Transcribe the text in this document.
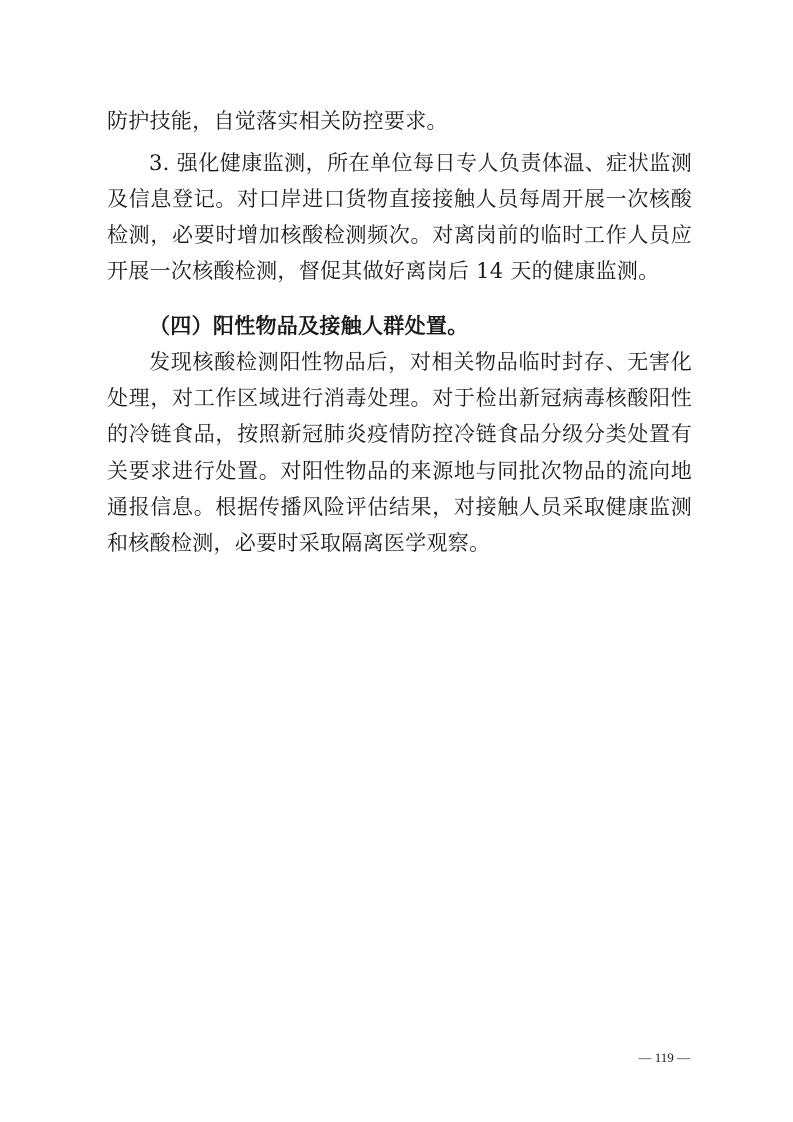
防护技能，自觉落实相关防控要求。
3. 强化健康监测，所在单位每日专人负责体温、症状监测
及信息登记。对口岸进口货物直接接触人员每周开展一次核酸
检测，必要时增加核酸检测频次。对离岗前的临时工作人员应
开展一次核酸检测，督促其做好离岗后 14 天的健康监测。
（四）阳性物品及接触人群处置。
发现核酸检测阳性物品后，对相关物品临时封存、无害化
处理，对工作区域进行消毒处理。对于检出新冠病毒核酸阳性
的冷链食品，按照新冠肺炎疫情防控冷链食品分级分类处置有
关要求进行处置。对阳性物品的来源地与同批次物品的流向地
通报信息。根据传播风险评估结果，对接触人员采取健康监测
和核酸检测，必要时采取隔离医学观察。
— 119 —
